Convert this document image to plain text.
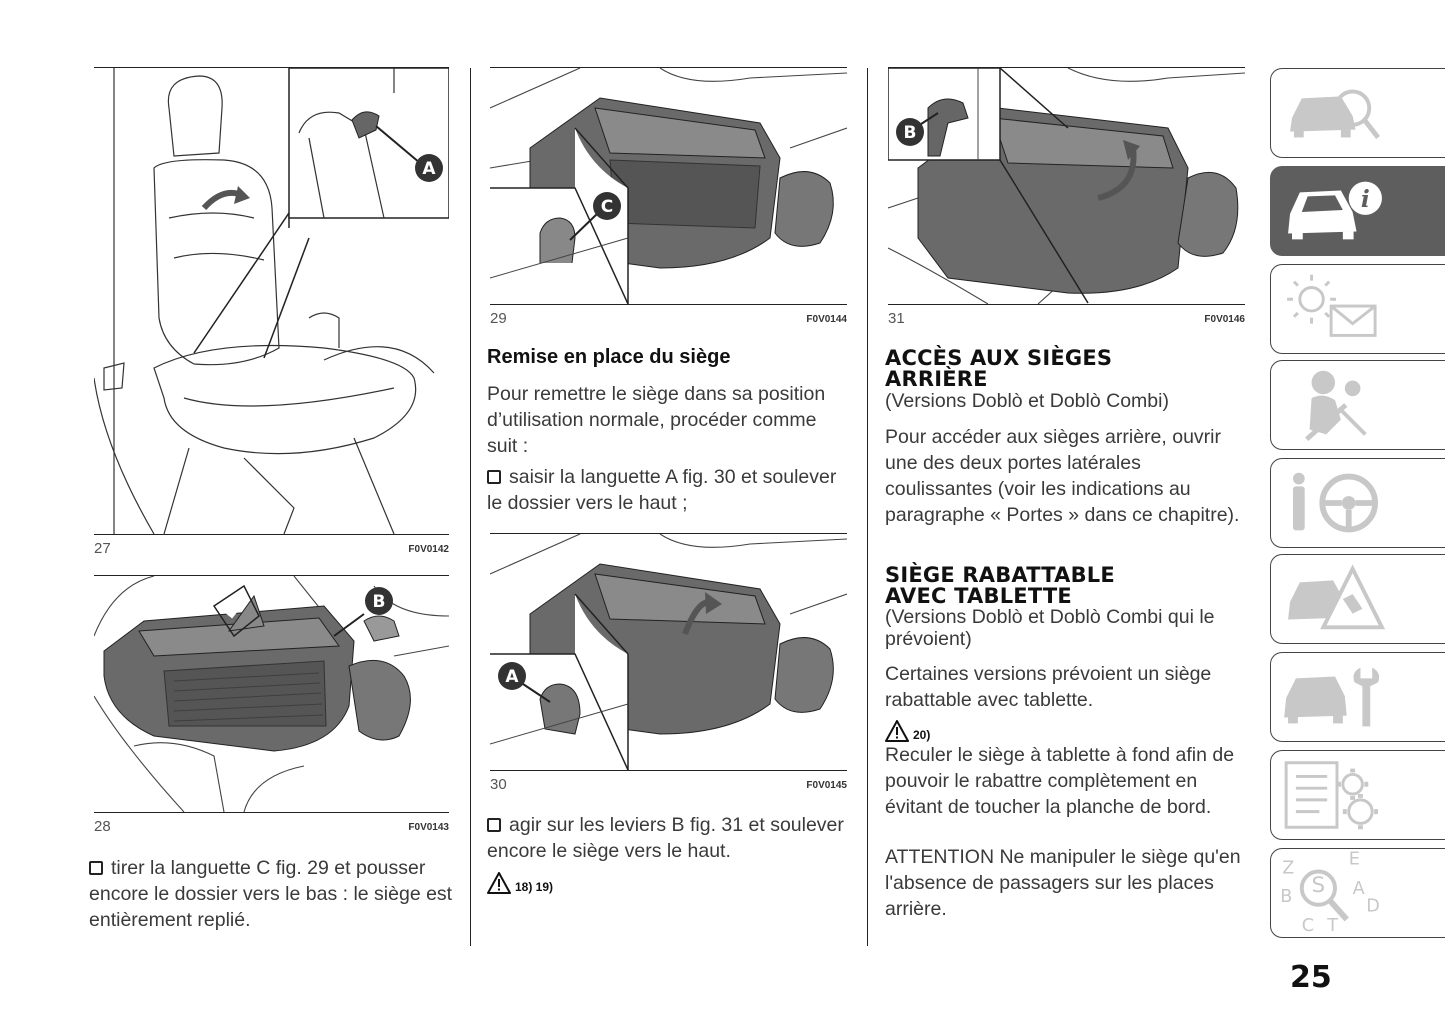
A
27	F0V0142
B
28	F0V0143
tirer la languette C fig. 29 et pousser encore le dossier vers le bas : le siège est entièrement replié.
C
29	F0V0144
Remise en place du siège
Pour remettre le siège dans sa position d’utilisation normale, procéder comme suit :
saisir la languette A fig. 30 et soulever le dossier vers le haut ;
A
30	F0V0145
agir sur les leviers B fig. 31 et soulever encore le siège vers le haut.
18) 19)
B
31	F0V0146
ACCÈS AUX SIÈGES
ARRIÈRE
(Versions Doblò et Doblò Combi)
Pour accéder aux sièges arrière, ouvrir une des deux portes latérales coulissantes (voir les indications au paragraphe « Portes » dans ce chapitre).
SIÈGE RABATTABLE
AVEC TABLETTE
(Versions Doblò et Doblò Combi qui le prévoient)
Certaines versions prévoient un siège rabattable avec tablette.
20)
Reculer le siège à tablette à fond afin de pouvoir le rabattre complètement en évitant de toucher la planche de bord.
ATTENTION Ne manipuler le siège qu'en l'absence de passagers sur les places arrière.
i
Z	E
S A
B
C T
D
25
